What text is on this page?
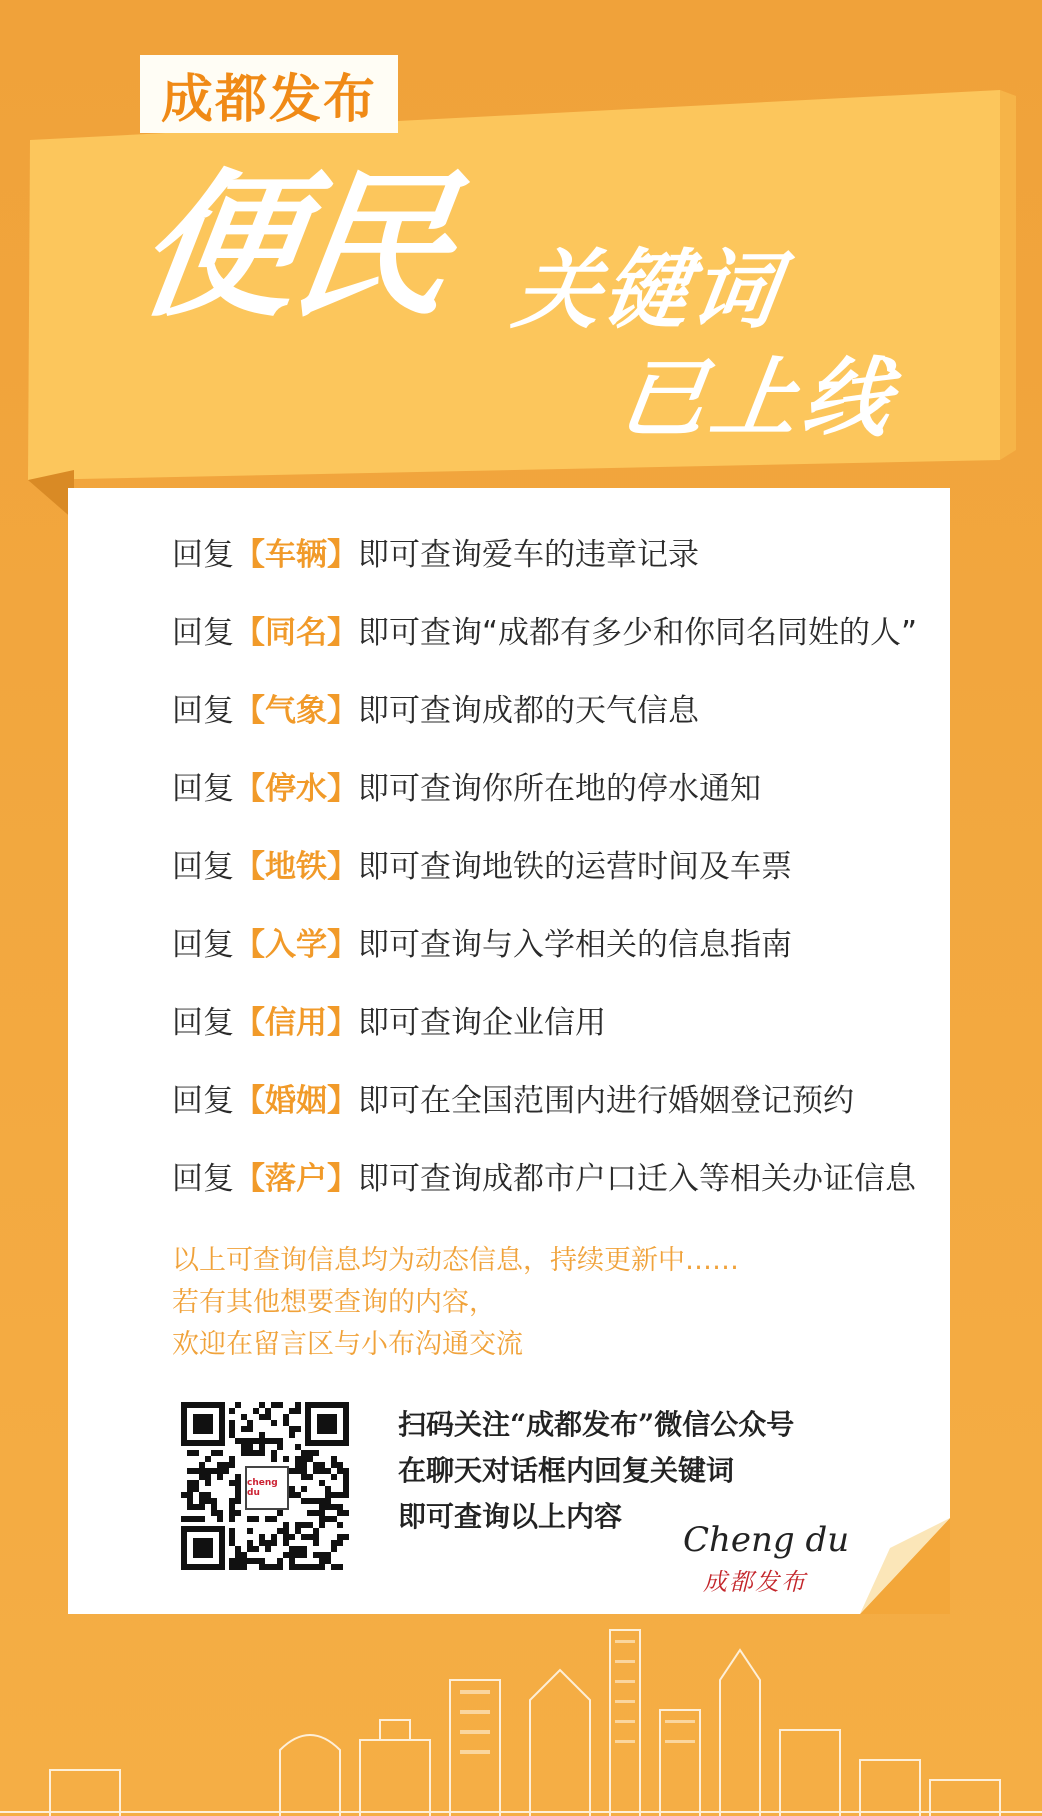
成都发布
便民 关键词
已上线
回复 【车辆】 即可查询爱车的违章记录
回复 【同名】 即可查询“成都有多少和你同名同姓的人”
回复 【气象】 即可查询成都的天气信息
回复 【停水】 即可查询你所在地的停水通知
回复 【地铁】 即可查询地铁的运营时间及车票
回复 【入学】 即可查询与入学相关的信息指南
回复 【信用】 即可查询企业信用
回复 【婚姻】 即可在全国范围内进行婚姻登记预约
回复 【落户】 即可查询成都市户口迁入等相关办证信息
以上可查询信息均为动态信息，持续更新中……
若有其他想要查询的内容，
欢迎在留言区与小布沟通交流
cheng du
扫码关注“成都发布”微信公众号
在聊天对话框内回复关键词
即可查询以上内容
Cheng du
成都发布
